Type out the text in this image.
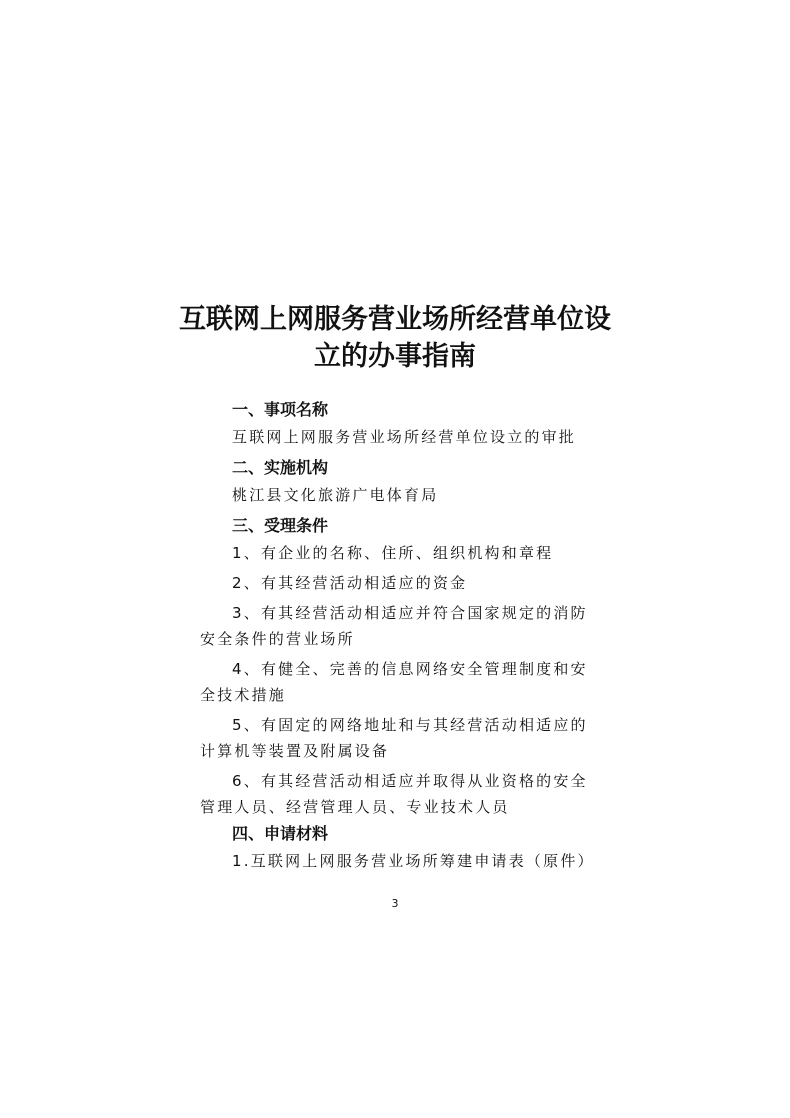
互联网上网服务营业场所经营单位设
立的办事指南
一、事项名称
互联网上网服务营业场所经营单位设立的审批
二、实施机构
桃江县文化旅游广电体育局
三、受理条件
1、有企业的名称、住所、组织机构和章程
2、有其经营活动相适应的资金
3、有其经营活动相适应并符合国家规定的消防安全条件的营业场所
4、有健全、完善的信息网络安全管理制度和安全技术措施
5、有固定的网络地址和与其经营活动相适应的计算机等装置及附属设备
6、有其经营活动相适应并取得从业资格的安全管理人员、经营管理人员、专业技术人员
四、申请材料
1.互联网上网服务营业场所筹建申请表（原件）
3
